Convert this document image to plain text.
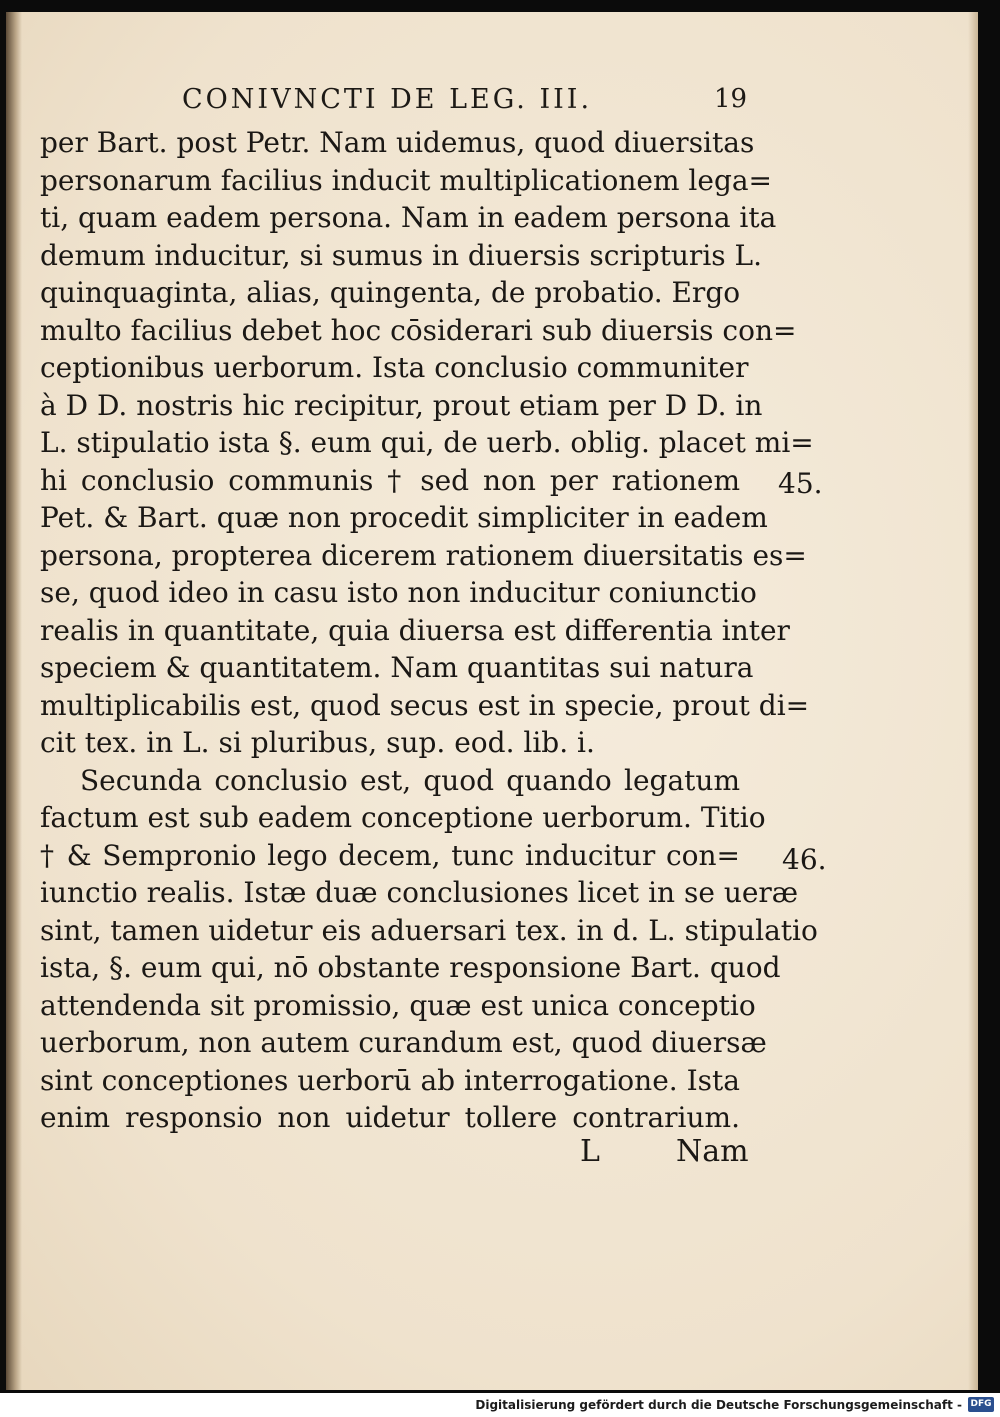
CONIVNCTI DE LEG. III.	19
per Bart. post Petr. Nam uidemus, quod diuersitas
personarum facilius inducit multiplicationem lega=
ti, quam eadem persona. Nam in eadem persona ita
demum inducitur, si sumus in diuersis scripturis L.
quinquaginta, alias, quingenta, de probatio. Ergo
multo facilius debet hoc cōsiderari sub diuersis con=
ceptionibus uerborum. Ista conclusio communiter
à D D. nostris hic recipitur, prout etiam per D D. in
L. stipulatio ista §. eum qui, de uerb. oblig. placet mi=
hi conclusio communis † sed non per rationem
Pet. & Bart. quæ non procedit simpliciter in eadem
persona, propterea dicerem rationem diuersitatis es=
se, quod ideo in casu isto non inducitur coniunctio
realis in quantitate, quia diuersa est differentia inter
speciem & quantitatem. Nam quantitas sui natura
multiplicabilis est, quod secus est in specie, prout di=
cit tex. in L. si pluribus, sup. eod. lib. i.
Secunda conclusio est, quod quando legatum
factum est sub eadem conceptione uerborum. Titio
† & Sempronio lego decem, tunc inducitur con=
iunctio realis. Istæ duæ conclusiones licet in se ueræ
sint, tamen uidetur eis aduersari tex. in d. L. stipulatio
ista, §. eum qui, nō obstante responsione Bart. quod
attendenda sit promissio, quæ est unica conceptio
uerborum, non autem curandum est, quod diuersæ
sint conceptiones uerborū ab interrogatione. Ista
enim responsio non uidetur tollere contrarium.
45.
46.
L	Nam
Digitalisierung gefördert durch die Deutsche Forschungsgemeinschaft - DFG
